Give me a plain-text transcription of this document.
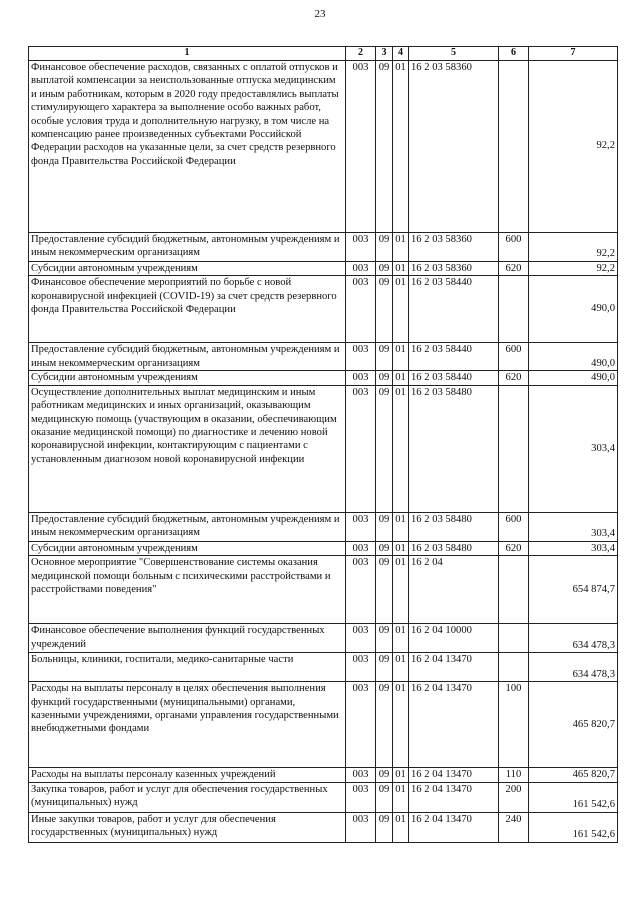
23
1	2	3	4	5	6	7
Финансовое обеспечение расходов, связанных с оплатой отпусков и выплатой компенсации за неиспользованные отпуска медицинским и иным работникам, которым в 2020 году предоставлялись выплаты стимулирующего характера за выполнение особо важных работ, особые условия труда и дополнительную нагрузку, в том числе на компенсацию ранее произведенных субъектами Российской Федерации расходов на указанные цели, за счет средств резервного фонда Правительства Российской Федерации	003	09	01	16 2 03 58360		92,2
Предоставление субсидий бюджетным, автономным учреждениям и иным некоммерческим организациям	003	09	01	16 2 03 58360	600	92,2
Субсидии автономным учреждениям	003	09	01	16 2 03 58360	620	92,2
Финансовое обеспечение мероприятий по борьбе с новой коронавирусной инфекцией (COVID-19) за счет средств резервного фонда Правительства Российской Федерации	003	09	01	16 2 03 58440		490,0
Предоставление субсидий бюджетным, автономным учреждениям и иным некоммерческим организациям	003	09	01	16 2 03 58440	600	490,0
Субсидии автономным учреждениям	003	09	01	16 2 03 58440	620	490,0
Осуществление дополнительных выплат медицинским и иным работникам медицинских и иных организаций, оказывающим медицинскую помощь (участвующим в оказании, обеспечивающим оказание медицинской помощи) по диагностике и лечению новой коронавирусной инфекции, контактирующим с пациентами с установленным диагнозом новой коронавирусной инфекции	003	09	01	16 2 03 58480		303,4
Предоставление субсидий бюджетным, автономным учреждениям и иным некоммерческим организациям	003	09	01	16 2 03 58480	600	303,4
Субсидии автономным учреждениям	003	09	01	16 2 03 58480	620	303,4
Основное мероприятие "Совершенствование системы оказания медицинской помощи больным с психическими расстройствами и расстройствами поведения"	003	09	01	16 2 04		654 874,7
Финансовое обеспечение выполнения функций государственных учреждений	003	09	01	16 2 04 10000		634 478,3
Больницы, клиники, госпитали, медико-санитарные части	003	09	01	16 2 04 13470		634 478,3
Расходы на выплаты персоналу в целях обеспечения выполнения функций государственными (муниципальными) органами, казенными учреждениями, органами управления государственными внебюджетными фондами	003	09	01	16 2 04 13470	100	465 820,7
Расходы на выплаты персоналу казенных учреждений	003	09	01	16 2 04 13470	110	465 820,7
Закупка товаров, работ и услуг для обеспечения государственных (муниципальных) нужд	003	09	01	16 2 04 13470	200	161 542,6
Иные закупки товаров, работ и услуг для обеспечения государственных (муниципальных) нужд	003	09	01	16 2 04 13470	240	161 542,6
